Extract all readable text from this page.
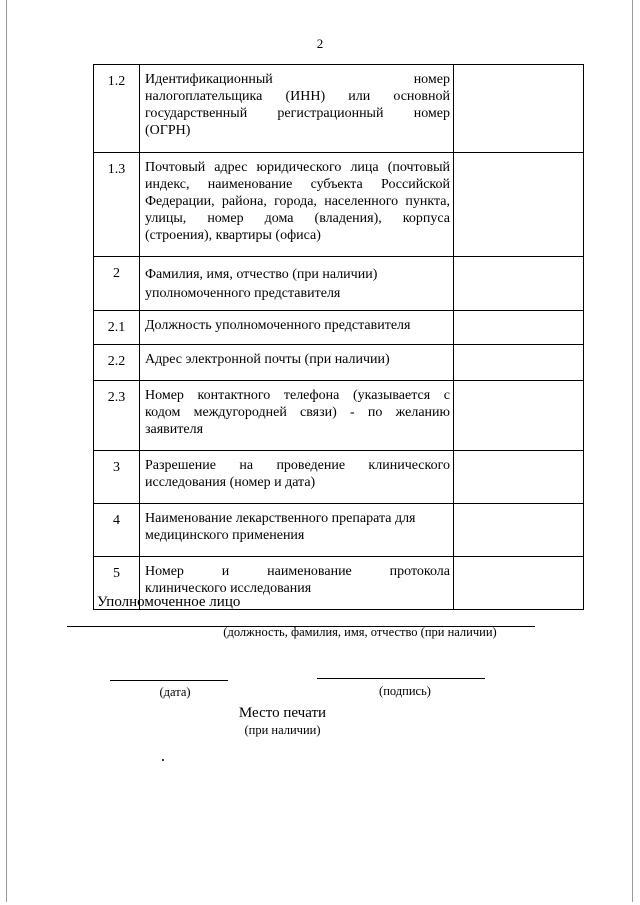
2
1.2	Идентификационный номер
налогоплательщика (ИНН) или основной
государственный регистрационный номер
(ОГРН)	

1.3	Почтовый адрес юридического лица (почтовый
индекс, наименование субъекта Российской
Федерации, района, города, населенного пункта,
улицы, номер дома (владения), корпуса
(строения), квартиры (офиса)	

2	Фамилия, имя, отчество (при наличии)
уполномоченного представителя	

2.1	Должность уполномоченного представителя	

2.2	Адрес электронной почты (при наличии)	

2.3	Номер контактного телефона (указывается с
кодом междугородней связи) - по желанию
заявителя	

3	Разрешение на проведение клинического
исследования (номер и дата)	

4	Наименование лекарственного препарата для
медицинского применения	

5	Номер и наименование протокола
клинического исследования	

Уполномоченное лицо
(должность, фамилия, имя, отчество (при наличии)
(дата)	(подпись)
Место печати
(при наличии)
